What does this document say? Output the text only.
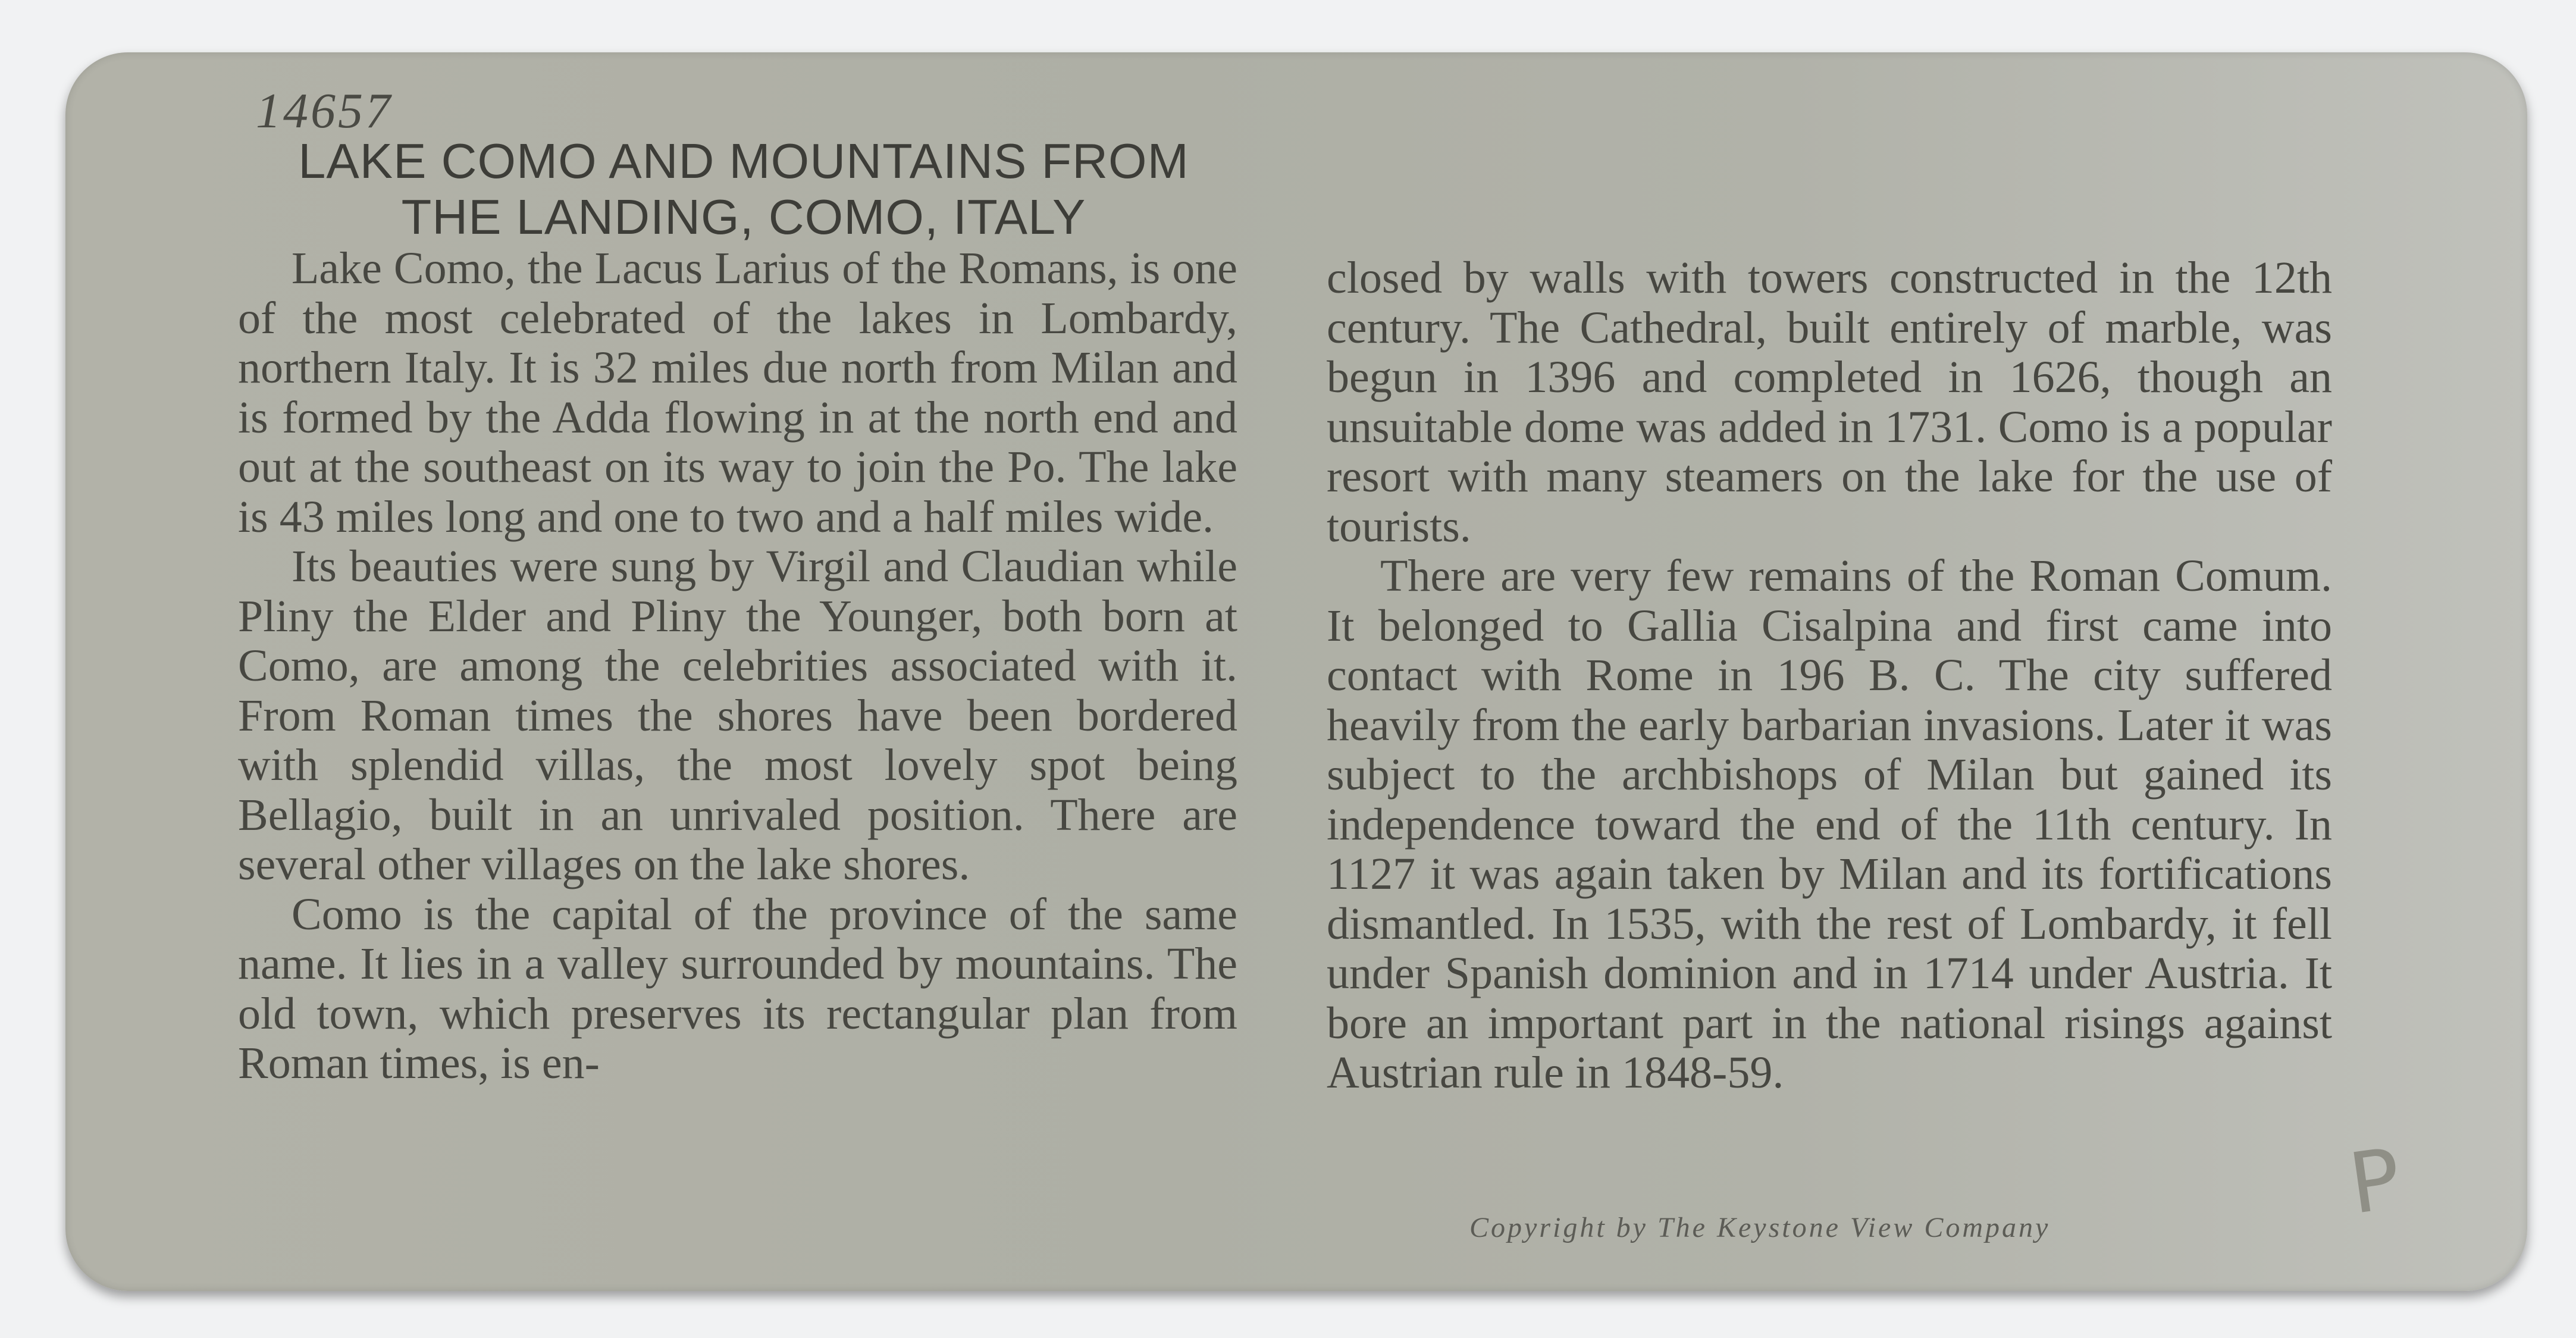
14657
LAKE COMO AND MOUNTAINS FROM
THE LANDING, COMO, ITALY

Lake Como, the Lacus Larius of the Romans, is one of the most celebrated of the lakes in Lombardy, northern Italy. It is 32 miles due north from Milan and is formed by the Adda flowing in at the north end and out at the southeast on its way to join the Po. The lake is 43 miles long and one to two and a half miles wide.

Its beauties were sung by Virgil and Claudian while Pliny the Elder and Pliny the Younger, both born at Como, are among the celebrities associated with it. From Roman times the shores have been bordered with splendid villas, the most lovely spot being Bellagio, built in an unrivaled position. There are several other villages on the lake shores.

Como is the capital of the province of the same name. It lies in a valley surrounded by mountains. The old town, which preserves its rectangular plan from Roman times, is en-

closed by walls with towers constructed in the 12th century. The Cathedral, built entirely of marble, was begun in 1396 and completed in 1626, though an unsuitable dome was added in 1731. Como is a popular resort with many steamers on the lake for the use of tourists.

There are very few remains of the Roman Comum. It belonged to Gallia Cisalpina and first came into contact with Rome in 196 B. C. The city suffered heavily from the early barbarian invasions. Later it was subject to the archbishops of Milan but gained its independence toward the end of the 11th century. In 1127 it was again taken by Milan and its fortifications dismantled. In 1535, with the rest of Lombardy, it fell under Spanish dominion and in 1714 under Austria. It bore an important part in the national risings against Austrian rule in 1848-59.

Copyright by The Keystone View Company	P
